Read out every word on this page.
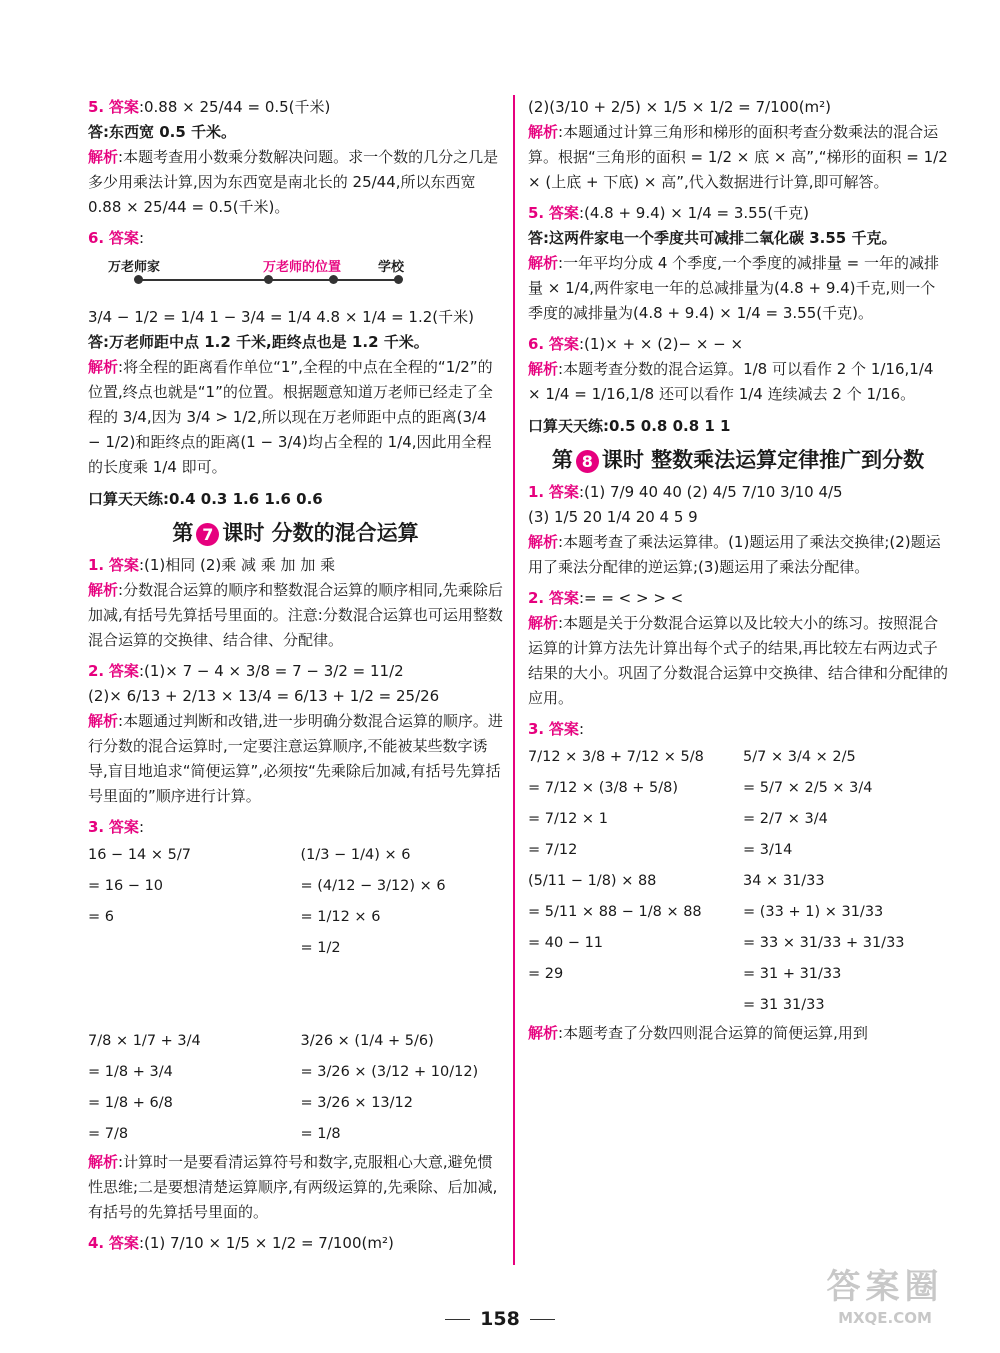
5. 答案:0.88 × 25/44 = 0.5(千米)
答:东西宽 0.5 千米。
解析:本题考查用小数乘分数解决问题。求一个数的几分之几是多少用乘法计算,因为东西宽是南北长的 25/44,所以东西宽 0.88 × 25/44 = 0.5(千米)。
6. 答案:
万老师家	万老师的位置	学校
3/4 − 1/2 = 1/4 1 − 3/4 = 1/4 4.8 × 1/4 = 1.2(千米)
答:万老师距中点 1.2 千米,距终点也是 1.2 千米。
解析:将全程的距离看作单位“1”,全程的中点在全程的“1/2”的位置,终点也就是“1”的位置。根据题意知道万老师已经走了全程的 3/4,因为 3/4 > 1/2,所以现在万老师距中点的距离(3/4 − 1/2)和距终点的距离(1 − 3/4)均占全程的 1/4,因此用全程的长度乘 1/4 即可。
口算天天练:0.4 0.3 1.6 1.6 0.6
第 7 课时 分数的混合运算
1. 答案:(1)相同 (2)乘 减 乘 加 加 乘
解析:分数混合运算的顺序和整数混合运算的顺序相同,先乘除后加减,有括号先算括号里面的。注意:分数混合运算也可运用整数混合运算的交换律、结合律、分配律。
2. 答案:(1)× 7 − 4 × 3/8 = 7 − 3/2 = 11/2
(2)× 6/13 + 2/13 × 13/4 = 6/13 + 1/2 = 25/26
解析:本题通过判断和改错,进一步明确分数混合运算的顺序。进行分数的混合运算时,一定要注意运算顺序,不能被某些数字诱导,盲目地追求“简便运算”,必须按“先乘除后加减,有括号先算括号里面的”顺序进行计算。
3. 答案:
16 − 14 × 5/7
= 16 − 10
= 6

7/8 × 1/7 + 3/4
= 1/8 + 3/4
= 1/8 + 6/8
= 7/8
(1/3 − 1/4) × 6
= (4/12 − 3/12) × 6
= 1/12 × 6
= 1/2

3/26 × (1/4 + 5/6)
= 3/26 × (3/12 + 10/12)
= 3/26 × 13/12
= 1/8
解析:计算时一是要看清运算符号和数字,克服粗心大意,避免惯性思维;二是要想清楚运算顺序,有两级运算的,先乘除、后加减,有括号的先算括号里面的。
4. 答案:(1) 7/10 × 1/5 × 1/2 = 7/100(m²)
(2)(3/10 + 2/5) × 1/5 × 1/2 = 7/100(m²)
解析:本题通过计算三角形和梯形的面积考查分数乘法的混合运算。根据“三角形的面积 = 1/2 × 底 × 高”,“梯形的面积 = 1/2 × (上底 + 下底) × 高”,代入数据进行计算,即可解答。
5. 答案:(4.8 + 9.4) × 1/4 = 3.55(千克)
答:这两件家电一个季度共可减排二氧化碳 3.55 千克。
解析:一年平均分成 4 个季度,一个季度的减排量 = 一年的减排量 × 1/4,两件家电一年的总减排量为(4.8 + 9.4)千克,则一个季度的减排量为(4.8 + 9.4) × 1/4 = 3.55(千克)。
6. 答案:(1)× + × (2)− × − ×
解析:本题考查分数的混合运算。1/8 可以看作 2 个 1/16,1/4 × 1/4 = 1/16,1/8 还可以看作 1/4 连续减去 2 个 1/16。
口算天天练:0.5 0.8 0.8 1 1
第 8 课时 整数乘法运算定律推广到分数
1. 答案:(1) 7/9 40 40 (2) 4/5 7/10 3/10 4/5
(3) 1/5 20 1/4 20 4 5 9
解析:本题考查了乘法运算律。(1)题运用了乘法交换律;(2)题运用了乘法分配律的逆运算;(3)题运用了乘法分配律。
2. 答案:= = < > > <
解析:本题是关于分数混合运算以及比较大小的练习。按照混合运算的计算方法先计算出每个式子的结果,再比较左右两边式子结果的大小。巩固了分数混合运算中交换律、结合律和分配律的应用。
3. 答案:
7/12 × 3/8 + 7/12 × 5/8
= 7/12 × (3/8 + 5/8)
= 7/12 × 1
= 7/12
(5/11 − 1/8) × 88
= 5/11 × 88 − 1/8 × 88
= 40 − 11
= 29
5/7 × 3/4 × 2/5
= 5/7 × 2/5 × 3/4
= 2/7 × 3/4
= 3/14
34 × 31/33
= (33 + 1) × 31/33
= 33 × 31/33 + 31/33
= 31 + 31/33
= 31 31/33
解析:本题考查了分数四则混合运算的简便运算,用到
158
答案圈
MXQE.COM
